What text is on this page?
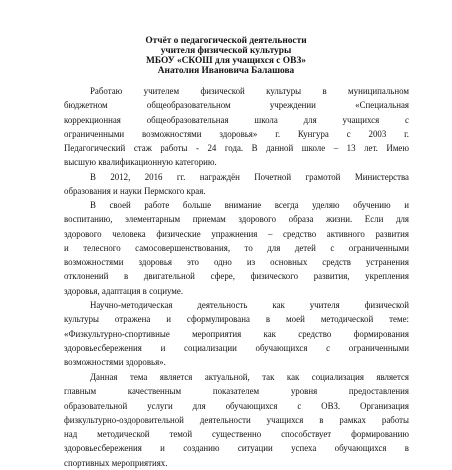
Отчёт о педагогической деятельности
учителя физической культуры
МБОУ «СКОШ для учащихся с ОВЗ»
Анатолия Ивановича Балашова
Работаю учителем физической культуры в муниципальном
бюджетном общеобразовательном учреждении «Специальная
коррекционная общеобразовательная школа для учащихся с
ограниченными возможностями здоровья» г. Кунгура с 2003 г.
Педагогический стаж работы - 24 года. В данной школе – 13 лет. Имею
высшую квалификационную категорию.
В 2012, 2016 гг. награждён Почетной грамотой Министерства
образования и науки Пермского края.
В своей работе больше внимание всегда уделяю обучению и
воспитанию, элементарным приемам здорового образа жизни. Если для
здорового человека физические упражнения – средство активного развития
и телесного самосовершенствования, то для детей с ограниченными
возможностями здоровья это одно из основных средств устранения
отклонений в двигательной сфере, физического развития, укрепления
здоровья, адаптация в социуме.
Научно-методическая деятельность как учителя физической
культуры отражена и сформулирована в моей методической теме:
«Физкультурно-спортивные мероприятия как средство формирования
здоровьесбережения и социализации обучающихся с ограниченными
возможностями здоровья».
Данная тема является актуальной, так как социализация является
главным качественным показателем уровня предоставления
образовательной услуги для обучающихся с ОВЗ. Организация
физкультурно-оздоровительной деятельности учащихся в рамках работы
над методической темой существенно способствует формированию
здоровьесбережения и созданию ситуации успеха обучающихся в
спортивных мероприятиях.
